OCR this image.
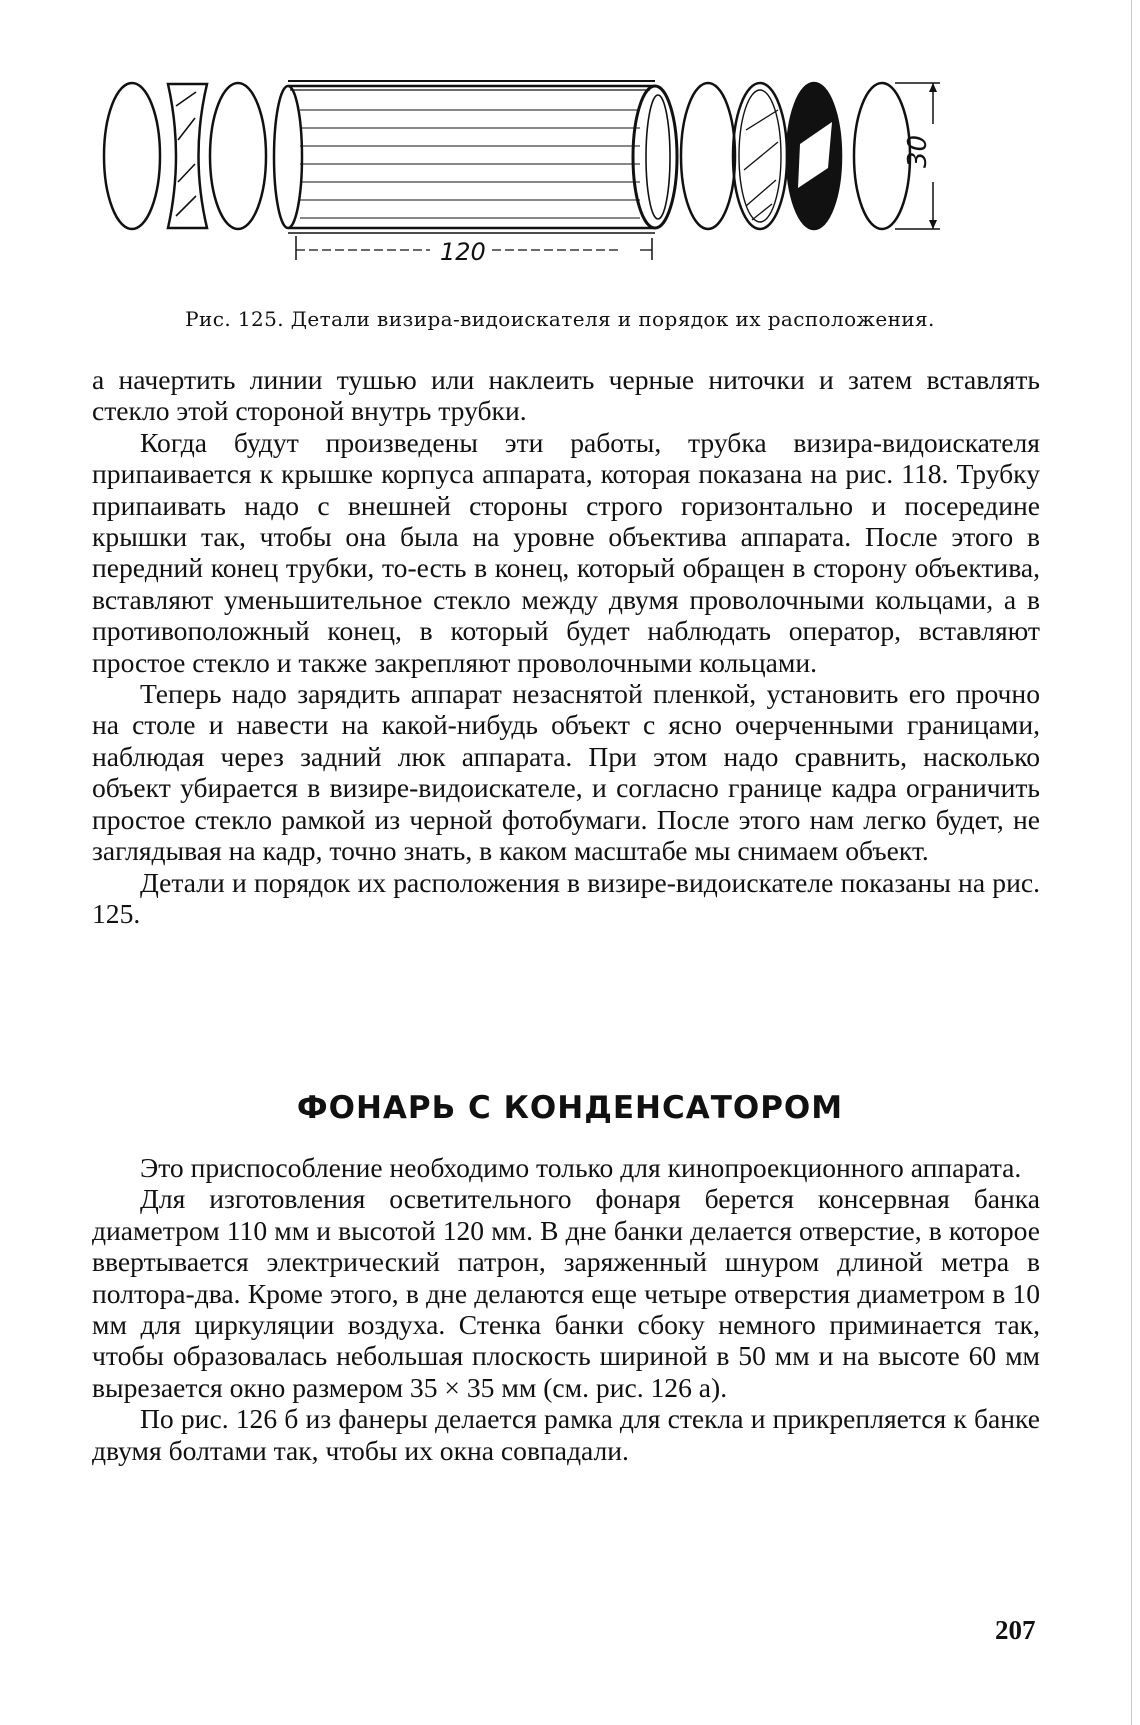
30
120
Рис. 125. Детали визира-видоискателя и порядок их расположения.

а начертить линии тушью или наклеить черные ниточки и затем вставлять стекло этой стороной внутрь трубки.

Когда будут произведены эти работы, трубка визира-видоискателя припаивается к крышке корпуса аппарата, которая показана на рис. 118. Трубку припаивать надо с внешней стороны строго горизонтально и посередине крышки так, чтобы она была на уровне объектива аппарата. После этого в передний конец трубки, то-есть в конец, который обращен в сторону объектива, вставляют уменьшительное стекло между двумя проволочными кольцами, а в противоположный конец, в который будет наблюдать оператор, вставляют простое стекло и также закрепляют проволочными кольцами.

Теперь надо зарядить аппарат незаснятой пленкой, установить его прочно на столе и навести на какой-нибудь объект с ясно очерченными границами, наблюдая через задний люк аппарата. При этом надо сравнить, насколько объект убирается в визире-видоискателе, и согласно границе кадра ограничить простое стекло рамкой из черной фотобумаги. После этого нам легко будет, не заглядывая на кадр, точно знать, в каком масштабе мы снимаем объект.

Детали и порядок их расположения в визире-видоискателе показаны на рис. 125.

ФОНАРЬ С КОНДЕНСАТОРОМ

Это приспособление необходимо только для кинопроекционного аппарата.

Для изготовления осветительного фонаря берется консервная банка диаметром 110 мм и высотой 120 мм. В дне банки делается отверстие, в которое ввертывается электрический патрон, заряженный шнуром длиной метра в полтора-два. Кроме этого, в дне делаются еще четыре отверстия диаметром в 10 мм для циркуляции воздуха. Стенка банки сбоку немного приминается так, чтобы образовалась небольшая плоскость шириной в 50 мм и на высоте 60 мм вырезается окно размером 35 × 35 мм (см. рис. 126 а).

По рис. 126 б из фанеры делается рамка для стекла и прикрепляется к банке двумя болтами так, чтобы их окна совпадали.

207
